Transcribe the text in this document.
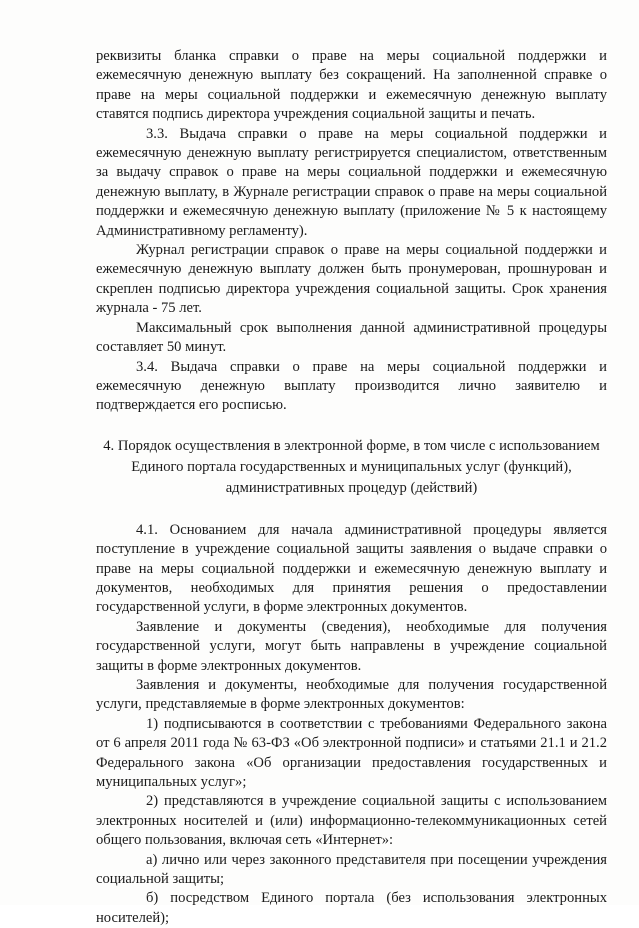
реквизиты бланка справки о праве на меры социальной поддержки и ежемесячную денежную выплату без сокращений. На заполненной справке о праве на меры социальной поддержки и ежемесячную денежную выплату ставятся подпись директора учреждения социальной защиты и печать.

3.3. Выдача справки о праве на меры социальной поддержки и ежемесячную денежную выплату регистрируется специалистом, ответственным за выдачу справок о праве на меры социальной поддержки и ежемесячную денежную выплату, в Журнале регистрации справок о праве на меры социальной поддержки и ежемесячную денежную выплату (приложение № 5 к настоящему Административному регламенту).

Журнал регистрации справок о праве на меры социальной поддержки и ежемесячную денежную выплату должен быть пронумерован, прошнурован и скреплен подписью директора учреждения социальной защиты. Срок хранения журнала - 75 лет.

Максимальный срок выполнения данной административной процедуры составляет 50 минут.

3.4. Выдача справки о праве на меры социальной поддержки и ежемесячную денежную выплату производится лично заявителю и подтверждается его росписью.

4. Порядок осуществления в электронной форме, в том числе с использованием Единого портала государственных и муниципальных услуг (функций), административных процедур (действий)

4.1. Основанием для начала административной процедуры является поступление в учреждение социальной защиты заявления о выдаче справки о праве на меры социальной поддержки и ежемесячную денежную выплату и документов, необходимых для принятия решения о предоставлении государственной услуги, в форме электронных документов.

Заявление и документы (сведения), необходимые для получения государственной услуги, могут быть направлены в учреждение социальной защиты в форме электронных документов.

Заявления и документы, необходимые для получения государственной услуги, представляемые в форме электронных документов:

1) подписываются в соответствии с требованиями Федерального закона от 6 апреля 2011 года № 63-ФЗ «Об электронной подписи» и статьями 21.1 и 21.2 Федерального закона «Об организации предоставления государственных и муниципальных услуг»;

2) представляются в учреждение социальной защиты с использованием электронных носителей и (или) информационно-телекоммуникационных сетей общего пользования, включая сеть «Интернет»:

а) лично или через законного представителя при посещении учреждения социальной защиты;

б) посредством Единого портала (без использования электронных носителей);
